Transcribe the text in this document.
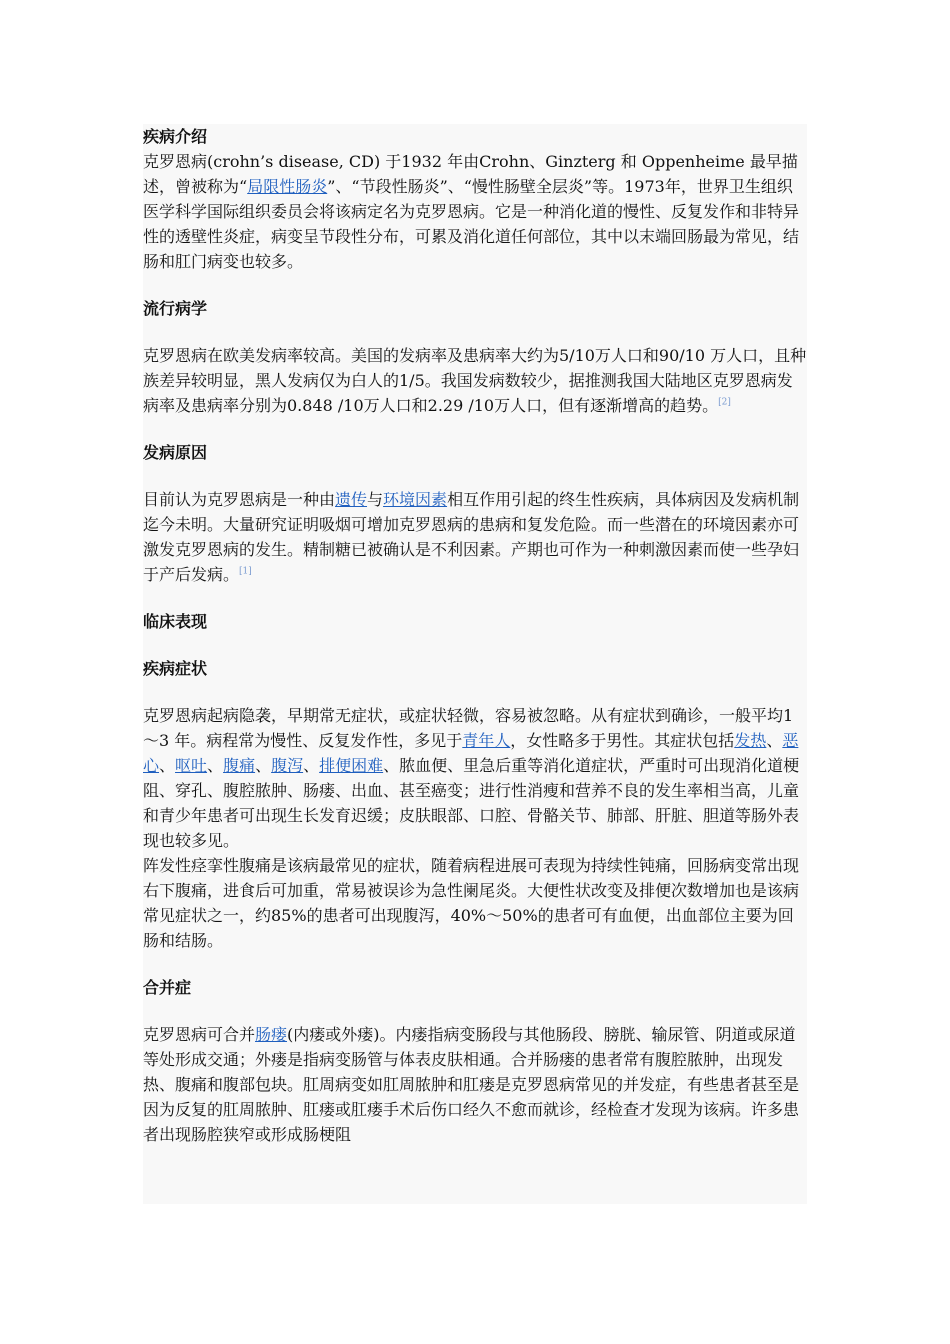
疾病介绍
克罗恩病(crohn’s disease, CD) 于1932 年由Crohn、Ginzterg 和 Oppenheime 最早描述，曾被称为“局限性肠炎”、“节段性肠炎”、“慢性肠壁全层炎”等。1973年，世界卫生组织医学科学国际组织委员会将该病定名为克罗恩病。它是一种消化道的慢性、反复发作和非特异性的透壁性炎症，病变呈节段性分布，可累及消化道任何部位，其中以末端回肠最为常见，结肠和肛门病变也较多。
流行病学
克罗恩病在欧美发病率较高。美国的发病率及患病率大约为5/10万人口和90/10 万人口，且种族差异较明显，黑人发病仅为白人的1/5。我国发病数较少，据推测我国大陆地区克罗恩病发病率及患病率分别为0.848 /10万人口和2.29 /10万人口，但有逐渐增高的趋势。[2]
发病原因
目前认为克罗恩病是一种由遗传与环境因素相互作用引起的终生性疾病，具体病因及发病机制迄今未明。大量研究证明吸烟可增加克罗恩病的患病和复发危险。而一些潜在的环境因素亦可激发克罗恩病的发生。精制糖已被确认是不利因素。产期也可作为一种刺激因素而使一些孕妇于产后发病。[1]
临床表现
疾病症状
克罗恩病起病隐袭，早期常无症状，或症状轻微，容易被忽略。从有症状到确诊，一般平均1～3 年。病程常为慢性、反复发作性，多见于青年人，女性略多于男性。其症状包括发热、恶心、呕吐、腹痛、腹泻、排便困难、脓血便、里急后重等消化道症状，严重时可出现消化道梗阻、穿孔、腹腔脓肿、肠瘘、出血、甚至癌变；进行性消瘦和营养不良的发生率相当高，儿童和青少年患者可出现生长发育迟缓；皮肤眼部、口腔、骨骼关节、肺部、肝脏、胆道等肠外表现也较多见。
阵发性痉挛性腹痛是该病最常见的症状，随着病程进展可表现为持续性钝痛，回肠病变常出现右下腹痛，进食后可加重，常易被误诊为急性阑尾炎。大便性状改变及排便次数增加也是该病常见症状之一，约85%的患者可出现腹泻，40%～50%的患者可有血便，出血部位主要为回肠和结肠。
合并症
克罗恩病可合并肠瘘(内瘘或外瘘)。内瘘指病变肠段与其他肠段、膀胱、输尿管、阴道或尿道等处形成交通；外瘘是指病变肠管与体表皮肤相通。合并肠瘘的患者常有腹腔脓肿，出现发热、腹痛和腹部包块。肛周病变如肛周脓肿和肛瘘是克罗恩病常见的并发症，有些患者甚至是因为反复的肛周脓肿、肛瘘或肛瘘手术后伤口经久不愈而就诊，经检查才发现为该病。许多患者出现肠腔狭窄或形成肠梗阻
